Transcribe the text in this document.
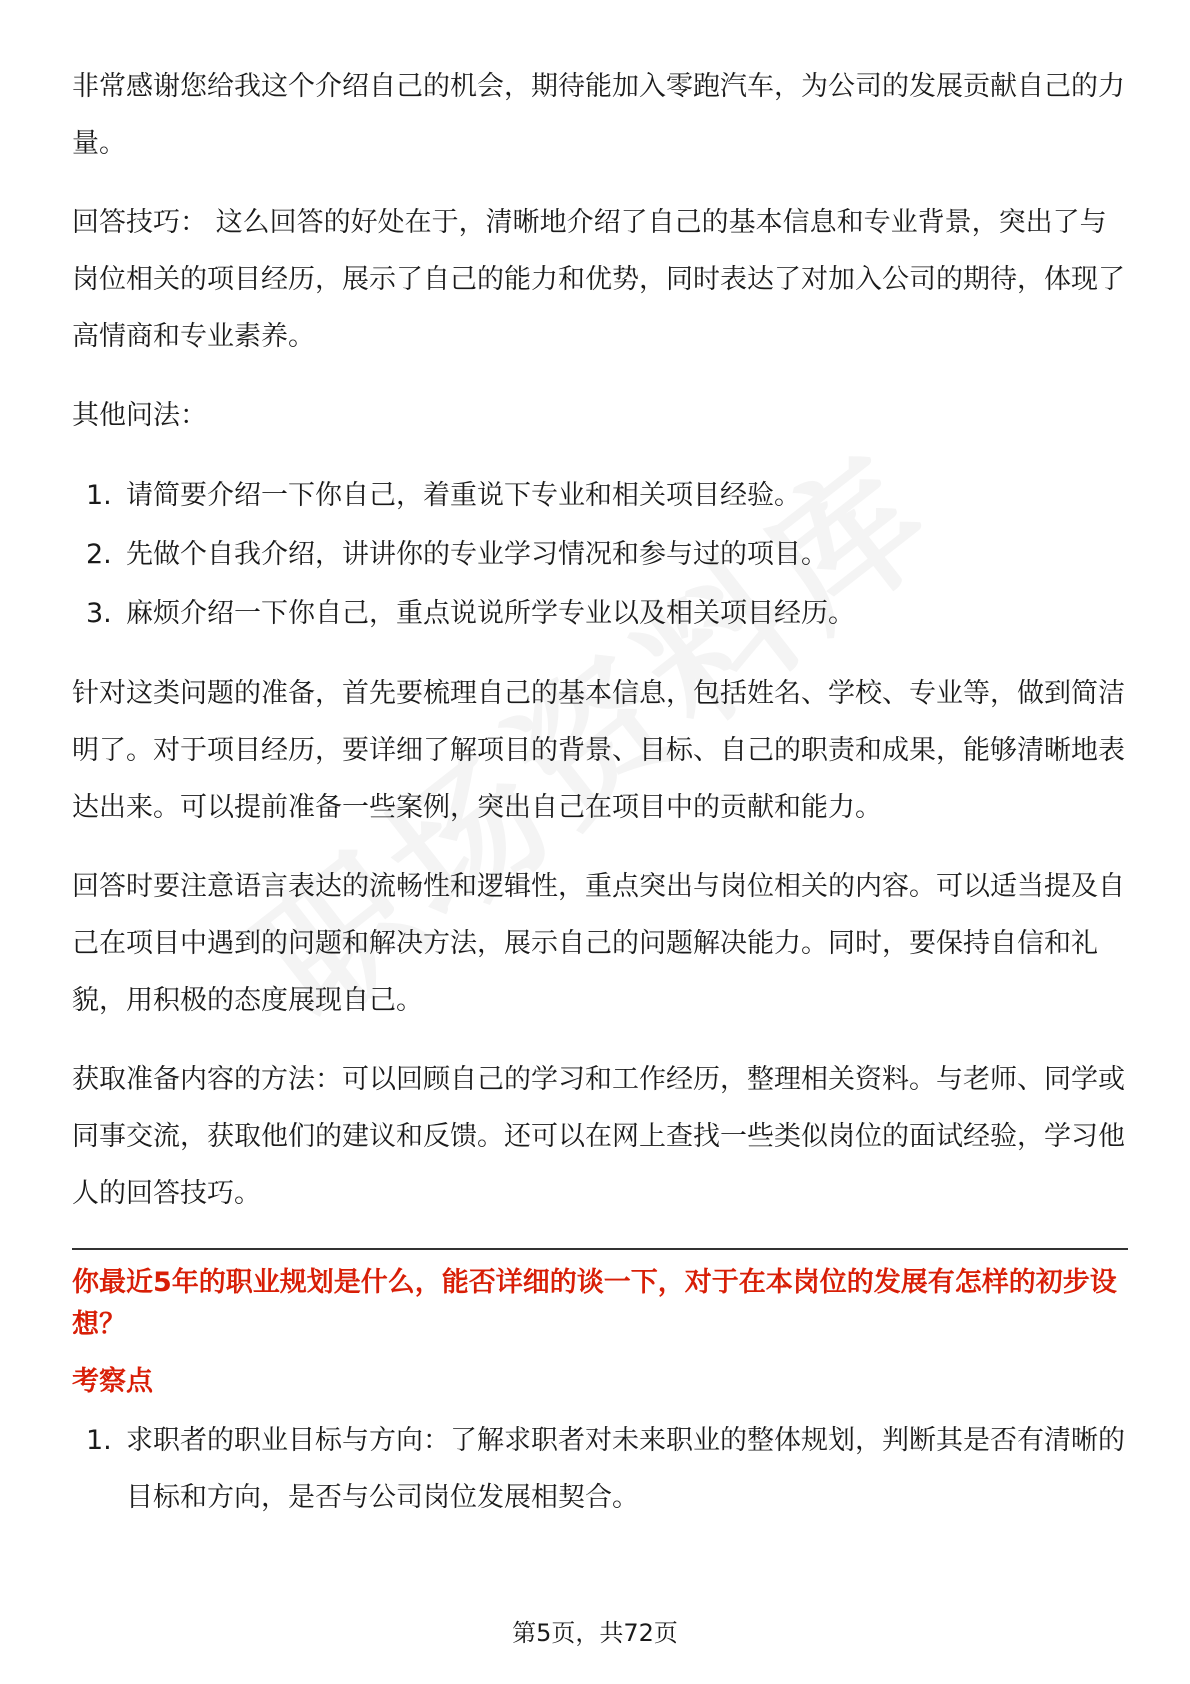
非常感谢您给我这个介绍自己的机会，期待能加入零跑汽车，为公司的发展贡献自己的力量。

回答技巧： 这么回答的好处在于，清晰地介绍了自己的基本信息和专业背景，突出了与岗位相关的项目经历，展示了自己的能力和优势，同时表达了对加入公司的期待，体现了高情商和专业素养。

其他问法：

1. 请简要介绍一下你自己，着重说下专业和相关项目经验。
2. 先做个自我介绍，讲讲你的专业学习情况和参与过的项目。
3. 麻烦介绍一下你自己，重点说说所学专业以及相关项目经历。

针对这类问题的准备，首先要梳理自己的基本信息，包括姓名、学校、专业等，做到简洁明了。对于项目经历，要详细了解项目的背景、目标、自己的职责和成果，能够清晰地表达出来。可以提前准备一些案例，突出自己在项目中的贡献和能力。

回答时要注意语言表达的流畅性和逻辑性，重点突出与岗位相关的内容。可以适当提及自己在项目中遇到的问题和解决方法，展示自己的问题解决能力。同时，要保持自信和礼貌，用积极的态度展现自己。

获取准备内容的方法：可以回顾自己的学习和工作经历，整理相关资料。与老师、同学或同事交流，获取他们的建议和反馈。还可以在网上查找一些类似岗位的面试经验，学习他人的回答技巧。

你最近5年的职业规划是什么，能否详细的谈一下，对于在本岗位的发展有怎样的初步设想？
考察点
1. 求职者的职业目标与方向：了解求职者对未来职业的整体规划，判断其是否有清晰的目标和方向，是否与公司岗位发展相契合。
第5页，共72页
